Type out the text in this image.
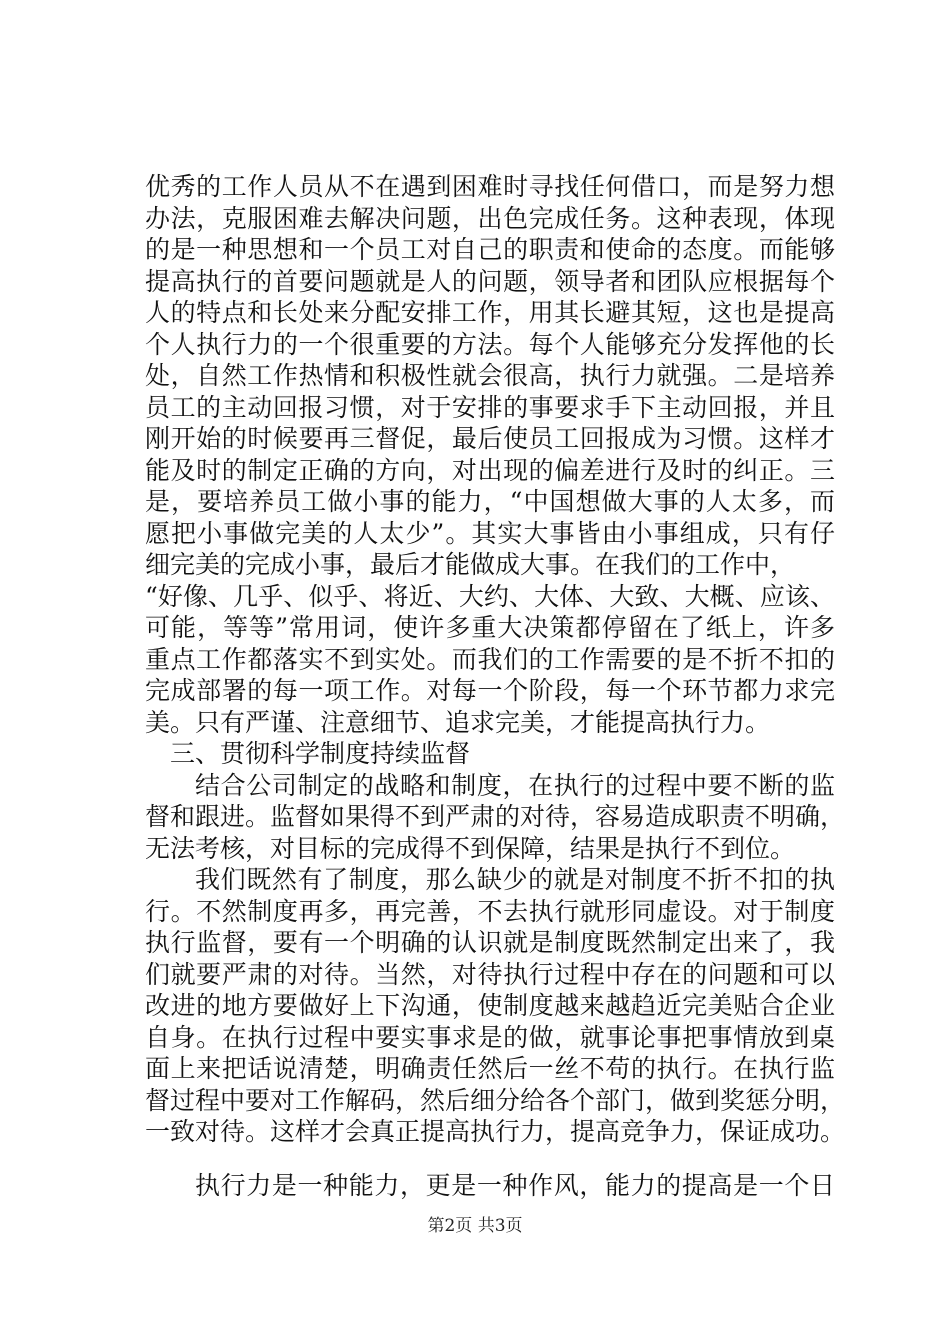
优秀的工作人员从不在遇到困难时寻找任何借口，而是努力想
办法，克服困难去解决问题，出色完成任务。这种表现，体现
的是一种思想和一个员工对自己的职责和使命的态度。而能够
提高执行的首要问题就是人的问题，领导者和团队应根据每个
人的特点和长处来分配安排工作，用其长避其短，这也是提高
个人执行力的一个很重要的方法。每个人能够充分发挥他的长
处，自然工作热情和积极性就会很高，执行力就强。二是培养
员工的主动回报习惯，对于安排的事要求手下主动回报，并且
刚开始的时候要再三督促，最后使员工回报成为习惯。这样才
能及时的制定正确的方向，对出现的偏差进行及时的纠正。三
是，要培养员工做小事的能力，“中国想做大事的人太多，而
愿把小事做完美的人太少”。其实大事皆由小事组成，只有仔
细完美的完成小事，最后才能做成大事。在我们的工作中，
“好像、几乎、似乎、将近、大约、大体、大致、大概、应该、
可能，等等”常用词，使许多重大决策都停留在了纸上，许多
重点工作都落实不到实处。而我们的工作需要的是不折不扣的
完成部署的每一项工作。对每一个阶段，每一个环节都力求完
美。只有严谨、注意细节、追求完美，才能提高执行力。
三、贯彻科学制度持续监督
结合公司制定的战略和制度，在执行的过程中要不断的监
督和跟进。监督如果得不到严肃的对待，容易造成职责不明确，
无法考核，对目标的完成得不到保障，结果是执行不到位。
我们既然有了制度，那么缺少的就是对制度不折不扣的执
行。不然制度再多，再完善，不去执行就形同虚设。对于制度
执行监督，要有一个明确的认识就是制度既然制定出来了，我
们就要严肃的对待。当然，对待执行过程中存在的问题和可以
改进的地方要做好上下沟通，使制度越来越趋近完美贴合企业
自身。在执行过程中要实事求是的做，就事论事把事情放到桌
面上来把话说清楚，明确责任然后一丝不苟的执行。在执行监
督过程中要对工作解码，然后细分给各个部门，做到奖惩分明，
一致对待。这样才会真正提高执行力，提高竞争力，保证成功。
执行力是一种能力，更是一种作风，能力的提高是一个日
第2页 共3页
